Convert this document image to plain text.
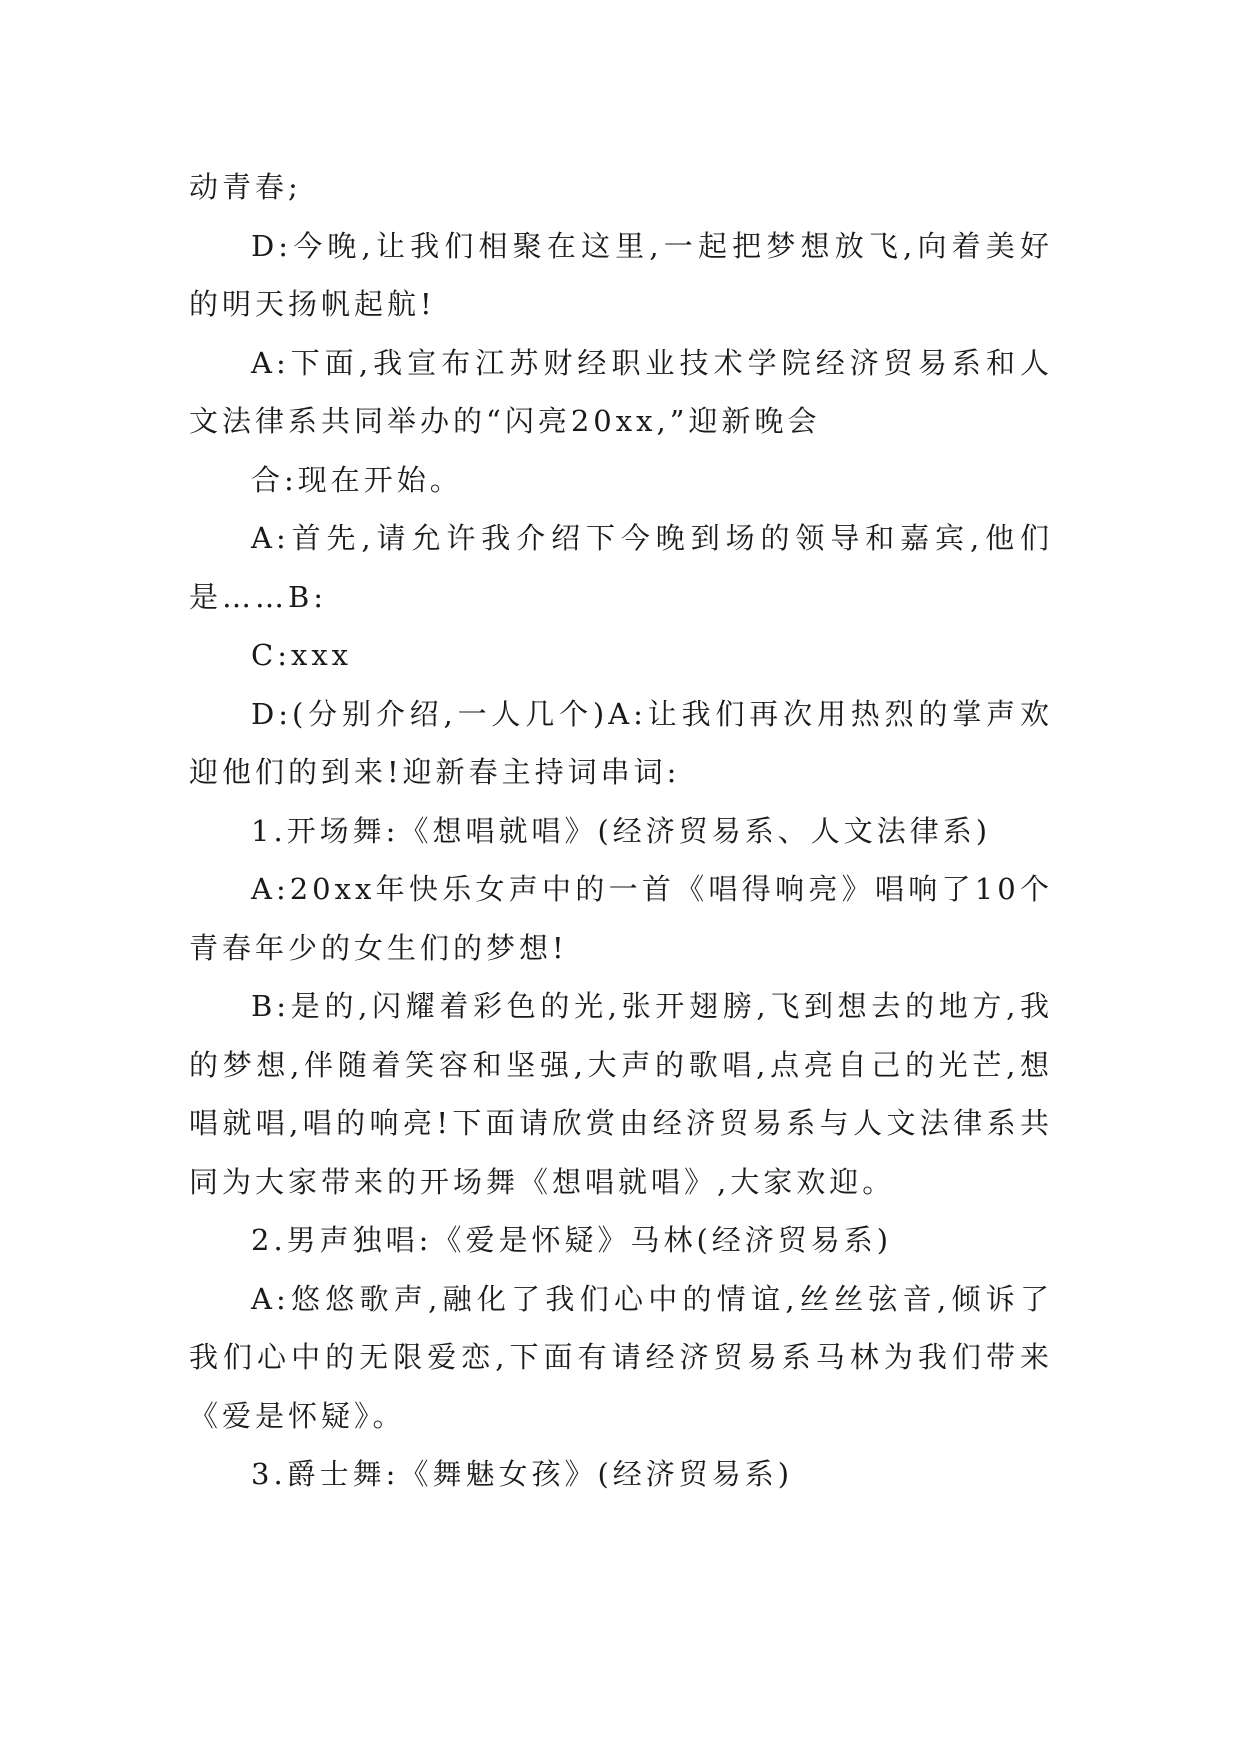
动青春;

D:今晚,让我们相聚在这里,一起把梦想放飞,向着美好的明天扬帆起航!

A:下面,我宣布江苏财经职业技术学院经济贸易系和人文法律系共同举办的“闪亮20xx,”迎新晚会

合:现在开始。

A:首先,请允许我介绍下今晚到场的领导和嘉宾,他们是……B:

C:xxx

D:(分别介绍,一人几个)A:让我们再次用热烈的掌声欢迎他们的到来!迎新春主持词串词:

1.开场舞:《想唱就唱》(经济贸易系、人文法律系)

A:20xx年快乐女声中的一首《唱得响亮》唱响了10个青春年少的女生们的梦想!

B:是的,闪耀着彩色的光,张开翅膀,飞到想去的地方,我的梦想,伴随着笑容和坚强,大声的歌唱,点亮自己的光芒,想唱就唱,唱的响亮!下面请欣赏由经济贸易系与人文法律系共同为大家带来的开场舞《想唱就唱》,大家欢迎。

2.男声独唱:《爱是怀疑》马林(经济贸易系)

A:悠悠歌声,融化了我们心中的情谊,丝丝弦音,倾诉了我们心中的无限爱恋,下面有请经济贸易系马林为我们带来《爱是怀疑》。

3.爵士舞:《舞魅女孩》(经济贸易系)
